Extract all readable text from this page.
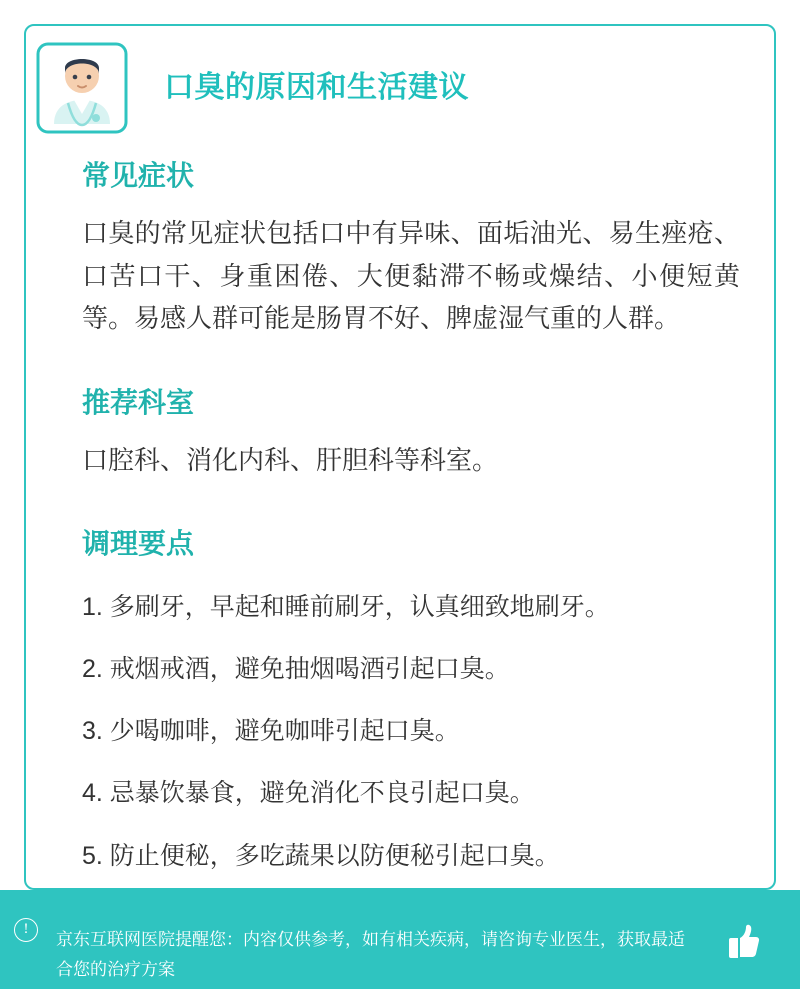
口臭的原因和生活建议
常见症状

口臭的常见症状包括口中有异味、面垢油光、易生痤疮、口苦口干、身重困倦、大便黏滞不畅或燥结、小便短黄等。易感人群可能是肠胃不好、脾虚湿气重的人群。

推荐科室

口腔科、消化内科、肝胆科等科室。

调理要点
1. 多刷牙，早起和睡前刷牙，认真细致地刷牙。
2. 戒烟戒酒，避免抽烟喝酒引起口臭。
3. 少喝咖啡，避免咖啡引起口臭。
4. 忌暴饮暴食，避免消化不良引起口臭。
5. 防止便秘，多吃蔬果以防便秘引起口臭。
!

京东互联网医院提醒您：内容仅供参考，如有相关疾病，请咨询专业医生，获取最适合您的治疗方案
